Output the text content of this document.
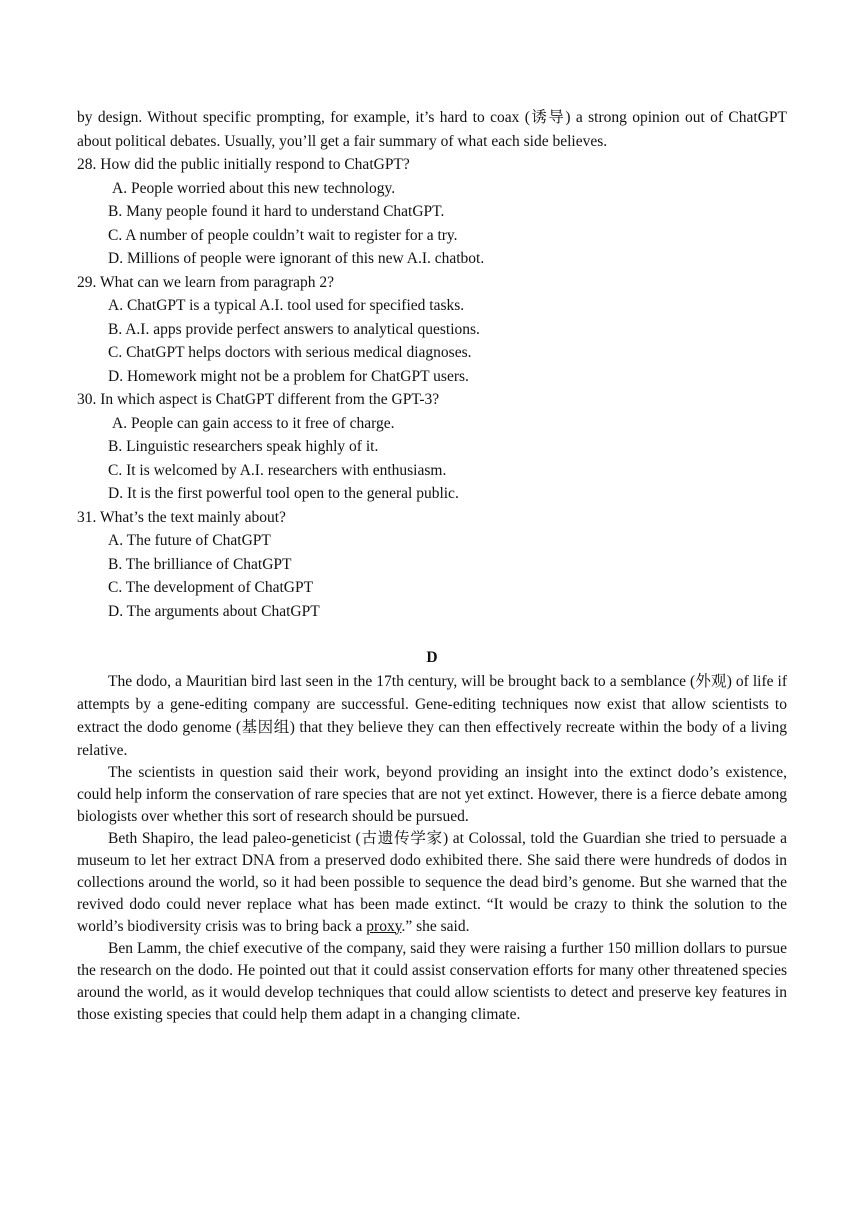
by design. Without specific prompting, for example, it’s hard to coax (诱导) a strong opinion out of ChatGPT about political debates. Usually, you’ll get a fair summary of what each side believes.

28. How did the public initially respond to ChatGPT?

A. People worried about this new technology.

B. Many people found it hard to understand ChatGPT.

C. A number of people couldn’t wait to register for a try.

D. Millions of people were ignorant of this new A.I. chatbot.

29. What can we learn from paragraph 2?

A. ChatGPT is a typical A.I. tool used for specified tasks.

B. A.I. apps provide perfect answers to analytical questions.

C. ChatGPT helps doctors with serious medical diagnoses.

D. Homework might not be a problem for ChatGPT users.

30. In which aspect is ChatGPT different from the GPT-3?

A. People can gain access to it free of charge.

B. Linguistic researchers speak highly of it.

C. It is welcomed by A.I. researchers with enthusiasm.

D. It is the first powerful tool open to the general public.

31. What’s the text mainly about?

A. The future of ChatGPT

B. The brilliance of ChatGPT

C. The development of ChatGPT

D. The arguments about ChatGPT

D

The dodo, a Mauritian bird last seen in the 17th century, will be brought back to a semblance (外观) of life if attempts by a gene-editing company are successful. Gene-editing techniques now exist that allow scientists to extract the dodo genome (基因组) that they believe they can then effectively recreate within the body of a living relative.

The scientists in question said their work, beyond providing an insight into the extinct dodo’s existence, could help inform the conservation of rare species that are not yet extinct. However, there is a fierce debate among biologists over whether this sort of research should be pursued.

Beth Shapiro, the lead paleo-geneticist (古遗传学家) at Colossal, told the Guardian she tried to persuade a museum to let her extract DNA from a preserved dodo exhibited there. She said there were hundreds of dodos in collections around the world, so it had been possible to sequence the dead bird’s genome. But she warned that the revived dodo could never replace what has been made extinct. “It would be crazy to think the solution to the world’s biodiversity crisis was to bring back a proxy.” she said.

Ben Lamm, the chief executive of the company, said they were raising a further 150 million dollars to pursue the research on the dodo. He pointed out that it could assist conservation efforts for many other threatened species around the world, as it would develop techniques that could allow scientists to detect and preserve key features in those existing species that could help them adapt in a changing climate.
